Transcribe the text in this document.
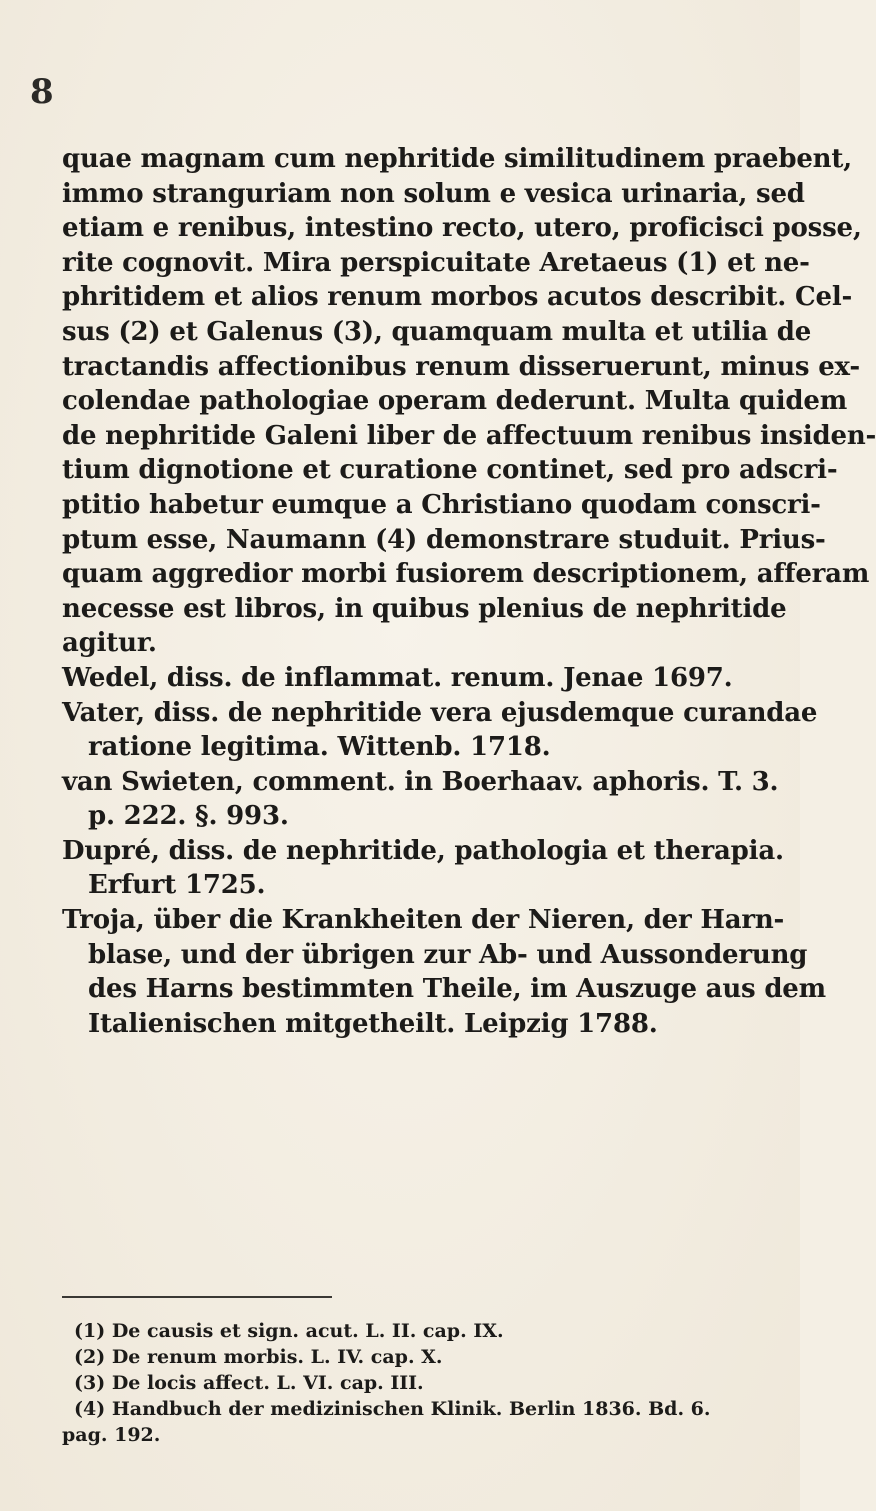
8
quae magnam cum nephritide similitudinem praebent,
immo stranguriam non solum e vesica urinaria, sed
etiam e renibus, intestino recto, utero, proficisci posse,
rite cognovit. Mira perspicuitate Aretaeus (1) et ne-
phritidem et alios renum morbos acutos describit. Cel-
sus (2) et Galenus (3), quamquam multa et utilia de
tractandis affectionibus renum disseruerunt, minus ex-
colendae pathologiae operam dederunt. Multa quidem
de nephritide Galeni liber de affectuum renibus insiden-
tium dignotione et curatione continet, sed pro adscri-
ptitio habetur eumque a Christiano quodam conscri-
ptum esse, Naumann (4) demonstrare studuit. Prius-
quam aggredior morbi fusiorem descriptionem, afferam
necesse est libros, in quibus plenius de nephritide
agitur.
Wedel, diss. de inflammat. renum. Jenae 1697.
Vater, diss. de nephritide vera ejusdemque curandae
ratione legitima. Wittenb. 1718.
van Swieten, comment. in Boerhaav. aphoris. T. 3.
p. 222. §. 993.
Dupré, diss. de nephritide, pathologia et therapia.
Erfurt 1725.
Troja, über die Krankheiten der Nieren, der Harn-
blase, und der übrigen zur Ab- und Aussonderung
des Harns bestimmten Theile, im Auszuge aus dem
Italienischen mitgetheilt. Leipzig 1788.
(1) De causis et sign. acut. L. II. cap. IX.
(2) De renum morbis. L. IV. cap. X.
(3) De locis affect. L. VI. cap. III.
(4) Handbuch der medizinischen Klinik. Berlin 1836. Bd. 6.
pag. 192.
